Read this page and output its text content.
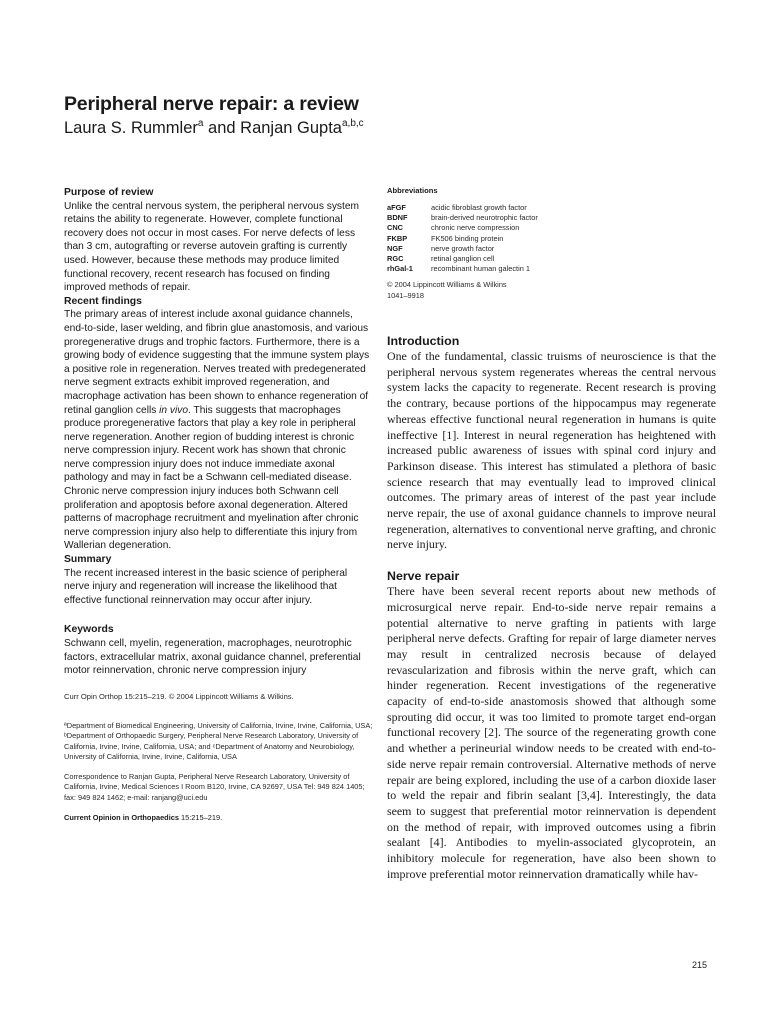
Peripheral nerve repair: a review
Laura S. Rummler$^a$ and Ranjan Gupta$^{a,b,c}$
Purpose of review

Unlike the central nervous system, the peripheral nervous system retains the ability to regenerate. However, complete functional recovery does not occur in most cases. For nerve defects of less than 3 cm, autografting or reverse autovein grafting is currently used. However, because these methods may produce limited functional recovery, recent research has focused on finding improved methods of repair.

Recent findings

The primary areas of interest include axonal guidance channels, end-to-side, laser welding, and fibrin glue anastomosis, and various proregenerative drugs and trophic factors. Furthermore, there is a growing body of evidence suggesting that the immune system plays a positive role in regeneration. Nerves treated with predegenerated nerve segment extracts exhibit improved regeneration, and macrophage activation has been shown to enhance regeneration of retinal ganglion cells in vivo. This suggests that macrophages produce proregenerative factors that play a key role in peripheral nerve regeneration. Another region of budding interest is chronic nerve compression injury. Recent work has shown that chronic nerve compression injury does not induce immediate axonal pathology and may in fact be a Schwann cell-mediated disease. Chronic nerve compression injury induces both Schwann cell proliferation and apoptosis before axonal degeneration. Altered patterns of macrophage recruitment and myelination after chronic nerve compression injury also help to differentiate this injury from Wallerian degeneration.

Summary

The recent increased interest in the basic science of peripheral nerve injury and regeneration will increase the likelihood that effective functional reinnervation may occur after injury.

Keywords

Schwann cell, myelin, regeneration, macrophages, neurotrophic factors, extracellular matrix, axonal guidance channel, preferential motor reinnervation, chronic nerve compression injury

Curr Opin Orthop 15:215–219. © 2004 Lippincott Williams & Wilkins.
ªDepartment of Biomedical Engineering, University of California, Irvine, Irvine, California, USA; ᵇDepartment of Orthopaedic Surgery, Peripheral Nerve Research Laboratory, University of California, Irvine, Irvine, California, USA; and ᶜDepartment of Anatomy and Neurobiology, University of California, Irvine, Irvine, California, USA
Correspondence to Ranjan Gupta, Peripheral Nerve Research Laboratory, University of California, Irvine, Medical Sciences I Room B120, Irvine, CA 92697, USA Tel: 949 824 1405; fax: 949 824 1462; e-mail: ranjang@uci.edu
Current Opinion in Orthopaedics 15:215–219.
Abbreviations
aFGF	acidic fibroblast growth factor
BDNF	brain-derived neurotrophic factor
CNC	chronic nerve compression
FKBP	FK506 binding protein
NGF	nerve growth factor
RGC	retinal ganglion cell
rhGal-1	recombinant human galectin 1
© 2004 Lippincott Williams & Wilkins
1041–9918
Introduction

One of the fundamental, classic truisms of neuroscience is that the peripheral nervous system regenerates whereas the central nervous system lacks the capacity to regenerate. Recent research is proving the contrary, because portions of the hippocampus may regenerate whereas effective functional neural regeneration in humans is quite ineffective [1]. Interest in neural regeneration has heightened with increased public awareness of issues with spinal cord injury and Parkinson disease. This interest has stimulated a plethora of basic science research that may eventually lead to improved clinical outcomes. The primary areas of interest of the past year include nerve repair, the use of axonal guidance channels to improve neural regeneration, alternatives to conventional nerve grafting, and chronic nerve injury.

Nerve repair

There have been several recent reports about new methods of microsurgical nerve repair. End-to-side nerve repair remains a potential alternative to nerve grafting in patients with large peripheral nerve defects. Grafting for repair of large diameter nerves may result in centralized necrosis because of delayed revascularization and fibrosis within the nerve graft, which can hinder regeneration. Recent investigations of the regenerative capacity of end-to-side anastomosis showed that although some sprouting did occur, it was too limited to promote target end-organ functional recovery [2]. The source of the regenerating growth cone and whether a perineurial window needs to be created with end-to-side nerve repair remain controversial. Alternative methods of nerve repair are being explored, including the use of a carbon dioxide laser to weld the repair and fibrin sealant [3,4]. Interestingly, the data seem to suggest that preferential motor reinnervation is dependent on the method of repair, with improved outcomes using a fibrin sealant [4]. Antibodies to myelin-associated glycoprotein, an inhibitory molecule for regeneration, have also been shown to improve preferential motor reinnervation dramatically while hav-

215
